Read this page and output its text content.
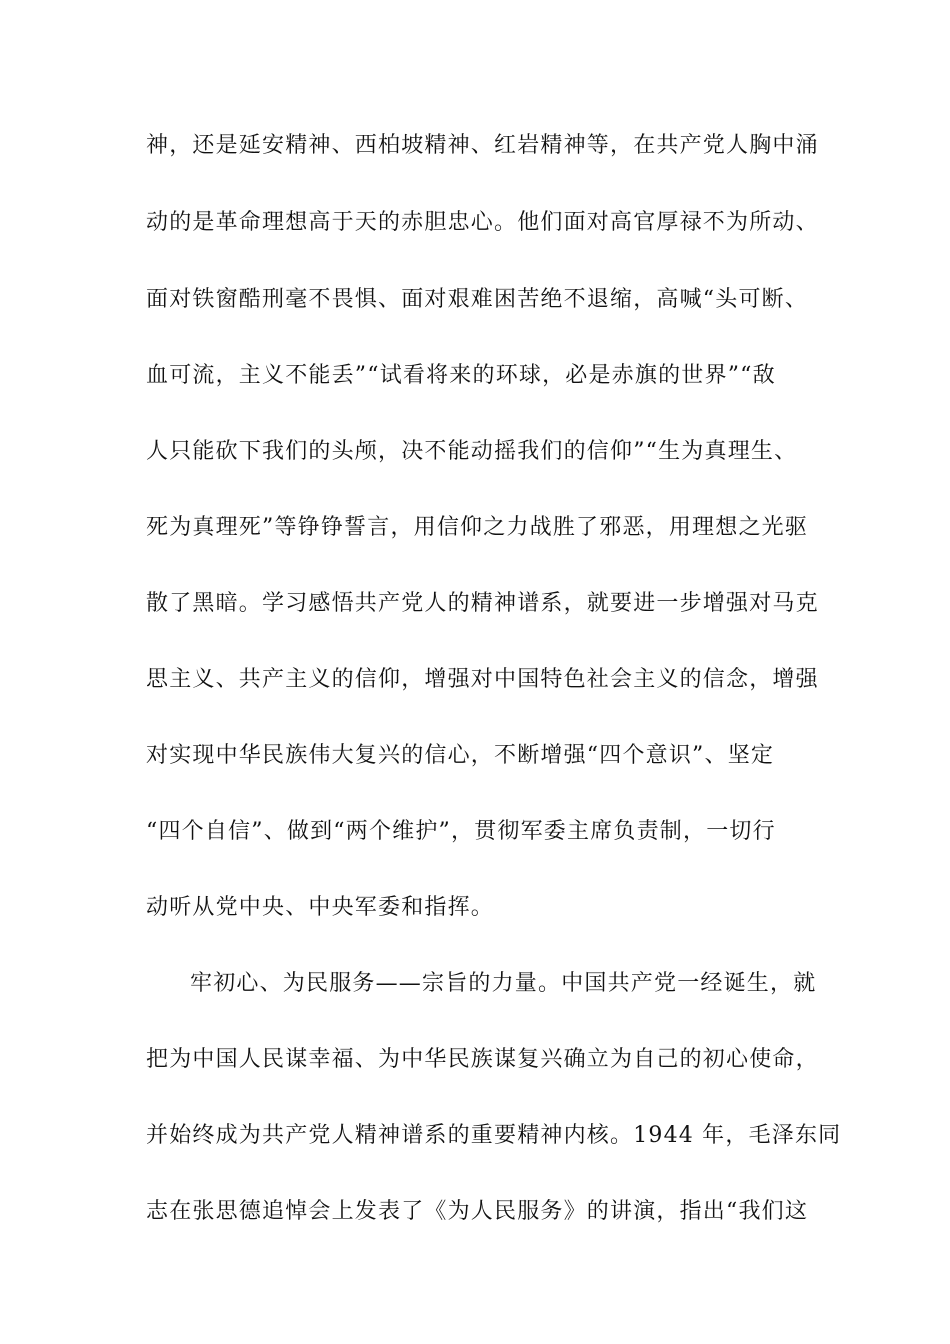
神，还是延安精神、西柏坡精神、红岩精神等，在共产党人胸中涌
动的是革命理想高于天的赤胆忠心。他们面对高官厚禄不为所动、
面对铁窗酷刑毫不畏惧、面对艰难困苦绝不退缩，高喊“头可断、
血可流，主义不能丢”“试看将来的环球，必是赤旗的世界”“敌
人只能砍下我们的头颅，决不能动摇我们的信仰”“生为真理生、
死为真理死”等铮铮誓言，用信仰之力战胜了邪恶，用理想之光驱
散了黑暗。学习感悟共产党人的精神谱系，就要进一步增强对马克
思主义、共产主义的信仰，增强对中国特色社会主义的信念，增强
对实现中华民族伟大复兴的信心，不断增强“四个意识”、坚定
“四个自信”、做到“两个维护”，贯彻军委主席负责制，一切行
动听从党中央、中央军委和指挥。
牢初心、为民服务——宗旨的力量。中国共产党一经诞生，就
把为中国人民谋幸福、为中华民族谋复兴确立为自己的初心使命，
并始终成为共产党人精神谱系的重要精神内核。1944 年，毛泽东同
志在张思德追悼会上发表了《为人民服务》的讲演，指出“我们这
